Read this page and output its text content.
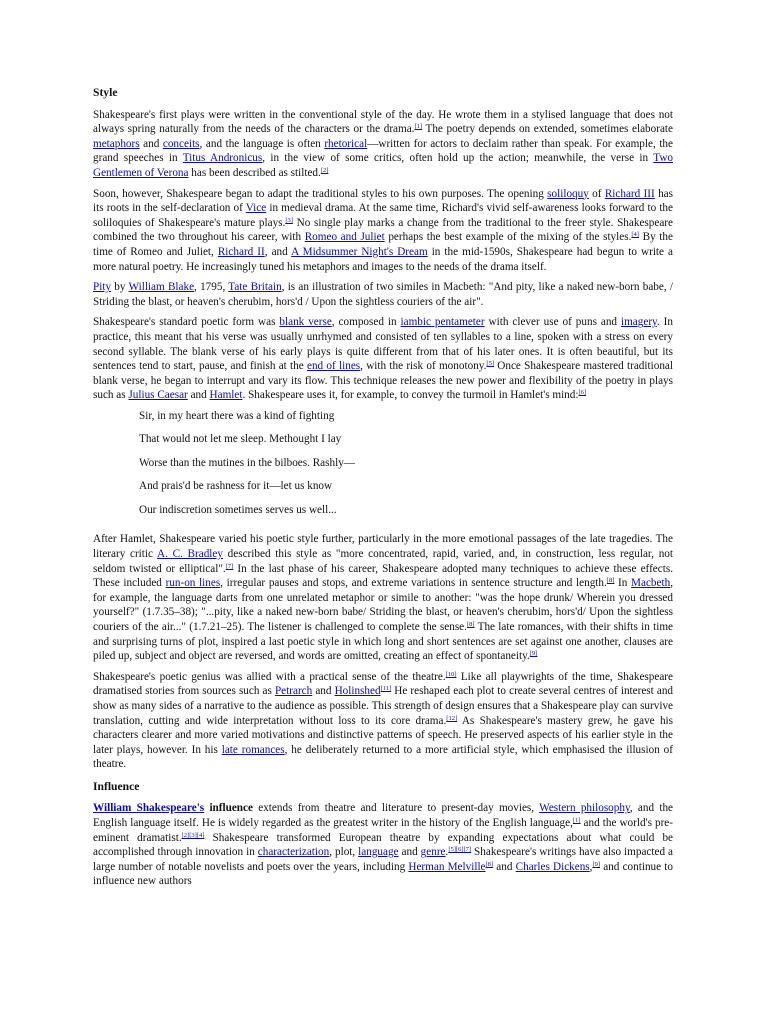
Style

Shakespeare's first plays were written in the conventional style of the day. He wrote them in a stylised language that does not always spring naturally from the needs of the characters or the drama.[1] The poetry depends on extended, sometimes elaborate metaphors and conceits, and the language is often rhetorical—written for actors to declaim rather than speak. For example, the grand speeches in Titus Andronicus, in the view of some critics, often hold up the action; meanwhile, the verse in Two Gentlemen of Verona has been described as stilted.[2]

Soon, however, Shakespeare began to adapt the traditional styles to his own purposes. The opening soliloquy of Richard III has its roots in the self-declaration of Vice in medieval drama. At the same time, Richard's vivid self-awareness looks forward to the soliloquies of Shakespeare's mature plays.[3] No single play marks a change from the traditional to the freer style. Shakespeare combined the two throughout his career, with Romeo and Juliet perhaps the best example of the mixing of the styles.[4] By the time of Romeo and Juliet, Richard II, and A Midsummer Night's Dream in the mid-1590s, Shakespeare had begun to write a more natural poetry. He increasingly tuned his metaphors and images to the needs of the drama itself.

Pity by William Blake, 1795, Tate Britain, is an illustration of two similes in Macbeth: "And pity, like a naked new-born babe, / Striding the blast, or heaven's cherubim, hors'd / Upon the sightless couriers of the air".

Shakespeare's standard poetic form was blank verse, composed in iambic pentameter with clever use of puns and imagery. In practice, this meant that his verse was usually unrhymed and consisted of ten syllables to a line, spoken with a stress on every second syllable. The blank verse of his early plays is quite different from that of his later ones. It is often beautiful, but its sentences tend to start, pause, and finish at the end of lines, with the risk of monotony.[5] Once Shakespeare mastered traditional blank verse, he began to interrupt and vary its flow. This technique releases the new power and flexibility of the poetry in plays such as Julius Caesar and Hamlet. Shakespeare uses it, for example, to convey the turmoil in Hamlet's mind:[6]

Sir, in my heart there was a kind of fighting
That would not let me sleep. Methought I lay
Worse than the mutines in the bilboes. Rashly—
And prais'd be rashness for it—let us know
Our indiscretion sometimes serves us well...

After Hamlet, Shakespeare varied his poetic style further, particularly in the more emotional passages of the late tragedies. The literary critic A. C. Bradley described this style as "more concentrated, rapid, varied, and, in construction, less regular, not seldom twisted or elliptical".[7] In the last phase of his career, Shakespeare adopted many techniques to achieve these effects. These included run-on lines, irregular pauses and stops, and extreme variations in sentence structure and length.[8] In Macbeth, for example, the language darts from one unrelated metaphor or simile to another: "was the hope drunk/ Wherein you dressed yourself?" (1.7.35–38); "...pity, like a naked new-born babe/ Striding the blast, or heaven's cherubim, hors'd/ Upon the sightless couriers of the air..." (1.7.21–25). The listener is challenged to complete the sense.[8] The late romances, with their shifts in time and surprising turns of plot, inspired a last poetic style in which long and short sentences are set against one another, clauses are piled up, subject and object are reversed, and words are omitted, creating an effect of spontaneity.[9]

Shakespeare's poetic genius was allied with a practical sense of the theatre.[10] Like all playwrights of the time, Shakespeare dramatised stories from sources such as Petrarch and Holinshed[11] He reshaped each plot to create several centres of interest and show as many sides of a narrative to the audience as possible. This strength of design ensures that a Shakespeare play can survive translation, cutting and wide interpretation without loss to its core drama.[12] As Shakespeare's mastery grew, he gave his characters clearer and more varied motivations and distinctive patterns of speech. He preserved aspects of his earlier style in the later plays, however. In his late romances, he deliberately returned to a more artificial style, which emphasised the illusion of theatre.

Influence

William Shakespeare's influence extends from theatre and literature to present-day movies, Western philosophy, and the English language itself. He is widely regarded as the greatest writer in the history of the English language,[1] and the world's pre-eminent dramatist.[2][3][4] Shakespeare transformed European theatre by expanding expectations about what could be accomplished through innovation in characterization, plot, language and genre.[5][6][7] Shakespeare's writings have also impacted a large number of notable novelists and poets over the years, including Herman Melville[8] and Charles Dickens,[9] and continue to influence new authors
